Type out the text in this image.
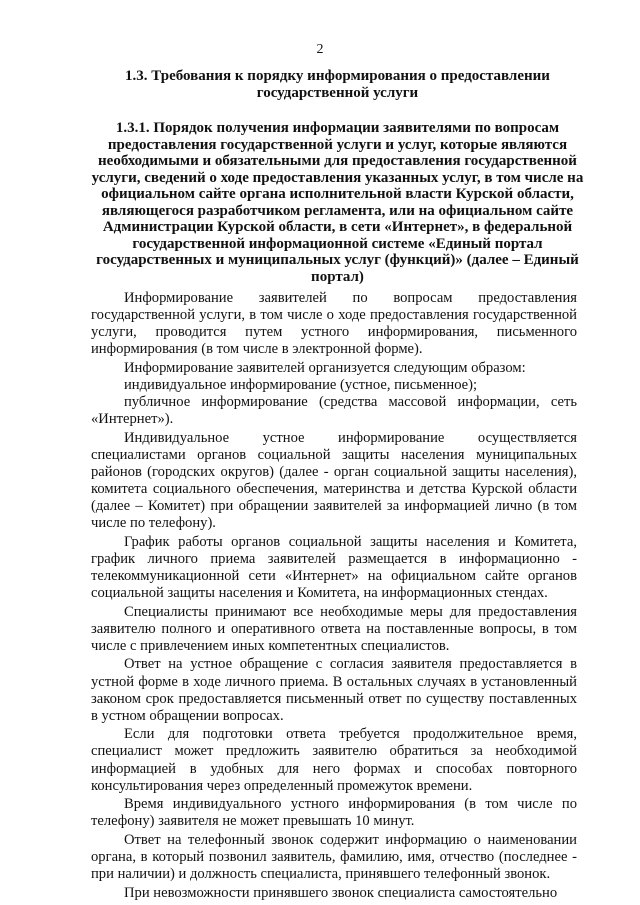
2
1.3. Требования к порядку информирования о предоставлении государственной услуги
1.3.1. Порядок получения информации заявителями по вопросам предоставления государственной услуги и услуг, которые являются необходимыми и обязательными для предоставления государственной услуги, сведений о ходе предоставления указанных услуг, в том числе на официальном сайте органа исполнительной власти Курской области, являющегося разработчиком регламента, или на официальном сайте Администрации Курской области, в сети «Интернет», в федеральной государственной информационной системе «Единый портал государственных и муниципальных услуг (функций)» (далее – Единый портал)

Информирование заявителей по вопросам предоставления государственной услуги, в том числе о ходе предоставления государственной услуги, проводится путем устного информирования, письменного информирования (в том числе в электронной форме).

Информирование заявителей организуется следующим образом:

индивидуальное информирование (устное, письменное);

публичное информирование (средства массовой информации, сеть «Интернет»).

Индивидуальное устное информирование осуществляется специалистами органов социальной защиты населения муниципальных районов (городских округов) (далее - орган социальной защиты населения), комитета социального обеспечения, материнства и детства Курской области (далее – Комитет) при обращении заявителей за информацией лично (в том числе по телефону).

График работы органов социальной защиты населения и Комитета, график личного приема заявителей размещается в информационно - телекоммуникационной сети «Интернет» на официальном сайте органов социальной защиты населения и Комитета, на информационных стендах.

Специалисты принимают все необходимые меры для предоставления заявителю полного и оперативного ответа на поставленные вопросы, в том числе с привлечением иных компетентных специалистов.

Ответ на устное обращение с согласия заявителя предоставляется в устной форме в ходе личного приема. В остальных случаях в установленный законом срок предоставляется письменный ответ по существу поставленных в устном обращении вопросах.

Если для подготовки ответа требуется продолжительное время, специалист может предложить заявителю обратиться за необходимой информацией в удобных для него формах и способах повторного консультирования через определенный промежуток времени.

Время индивидуального устного информирования (в том числе по телефону) заявителя не может превышать 10 минут.

Ответ на телефонный звонок содержит информацию о наименовании органа, в который позвонил заявитель, фамилию, имя, отчество (последнее - при наличии) и должность специалиста, принявшего телефонный звонок.

При невозможности принявшего звонок специалиста самостоятельно
